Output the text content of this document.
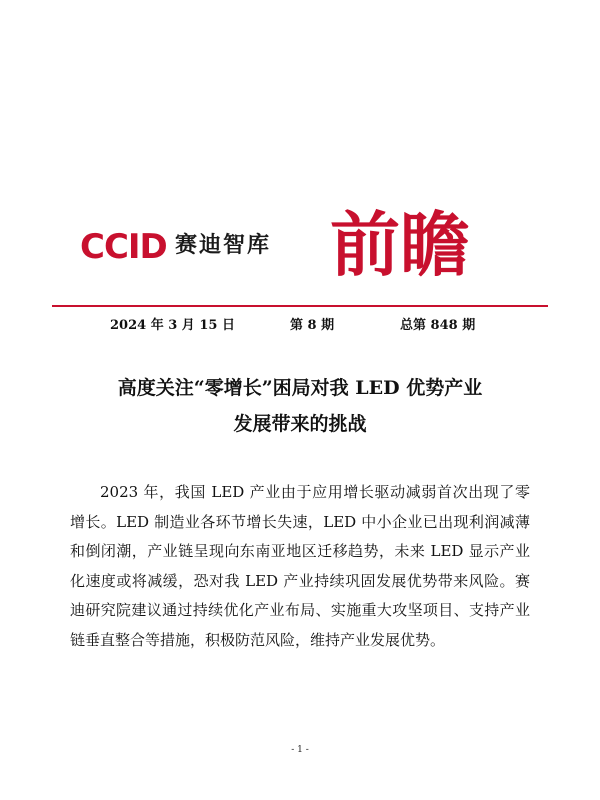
CCID 赛迪智库 前瞻
2024 年 3 月 15 日	第 8 期	总第 848 期
高度关注“零增长”困局对我 LED 优势产业
发展带来的挑战

2023 年，我国 LED 产业由于应用增长驱动减弱首次出现了零增长。LED 制造业各环节增长失速，LED 中小企业已出现利润减薄和倒闭潮，产业链呈现向东南亚地区迁移趋势，未来 LED 显示产业化速度或将减缓，恐对我 LED 产业持续巩固发展优势带来风险。赛迪研究院建议通过持续优化产业布局、实施重大攻坚项目、支持产业链垂直整合等措施，积极防范风险，维持产业发展优势。

- 1 -
